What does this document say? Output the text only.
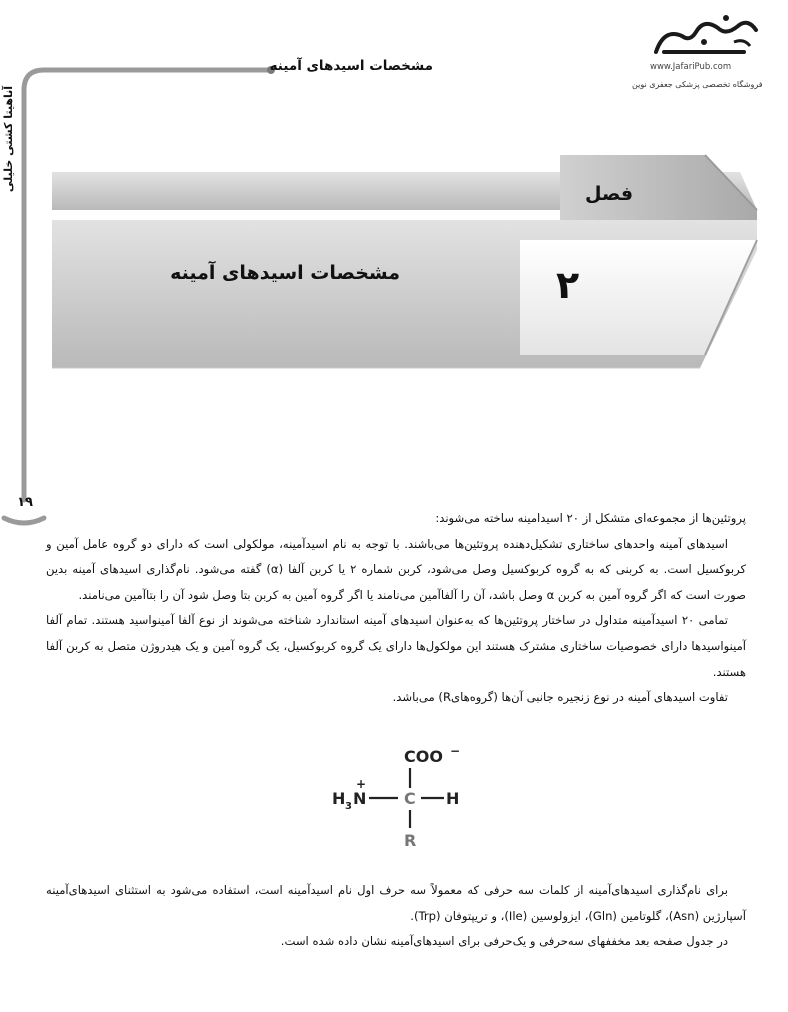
مشخصات اسیدهای آمینه	www.JafariPub.com
فروشگاه تخصصی پزشکی جعفری نوین
آناهیتا کشتی خلیلی
۱۹
فصل
۲
مشخصات اسیدهای آمینه

پروتئین‌ها از مجموعه‌ای متشکل از ۲۰ اسیدامینه ساخته می‌شوند:

اسیدهای آمینه واحدهای ساختاری تشکیل‌دهنده پروتئین‌ها می‌باشند. با توجه به نام اسیدآمینه، مولکولی است که دارای دو گروه عامل آمین و کربوکسیل است. به کربنی که به گروه کربوکسیل وصل می‌شود، کربن شماره ۲ یا کربن آلفا (α) گفته می‌شود. نام‌گذاری اسیدهای آمینه بدین صورت است که اگر گروه آمین به کربن α وصل باشد، آن را آلفاآمین می‌نامند یا اگر گروه آمین به کربن بتا وصل شود آن را بتاآمین می‌نامند.

تمامی ۲۰ اسیدآمینه متداول در ساختار پروتئین‌ها که به‌عنوان اسیدهای آمینه استاندارد شناخته می‌شوند از نوع آلفا آمینواسید هستند. تمام آلفا آمینواسیدها دارای خصوصیات ساختاری مشترک هستند این مولکول‌ها دارای یک گروه کربوکسیل، یک گروه آمین و یک هیدروژن متصل به کربن آلفا هستند.

تفاوت اسیدهای آمینه در نوع زنجیره جانبی آن‌ها (گروه‌هایR) می‌باشد.

COO −
H 3 N
+
C H
R

برای نام‌گذاری اسیدهای‌آمینه از کلمات سه حرفی که معمولاً سه حرف اول نام اسیدآمینه است، استفاده می‌شود به استثنای اسیدهای‌آمینه آسپارژین (Asn)، گلوتامین (Gln)، ایزولوسین (Ile)، و تریپتوفان (Trp).

در جدول صفحه بعد مخففهای سه‌حرفی و یک‌حرفی برای اسیدهای‌آمینه نشان داده شده است.
